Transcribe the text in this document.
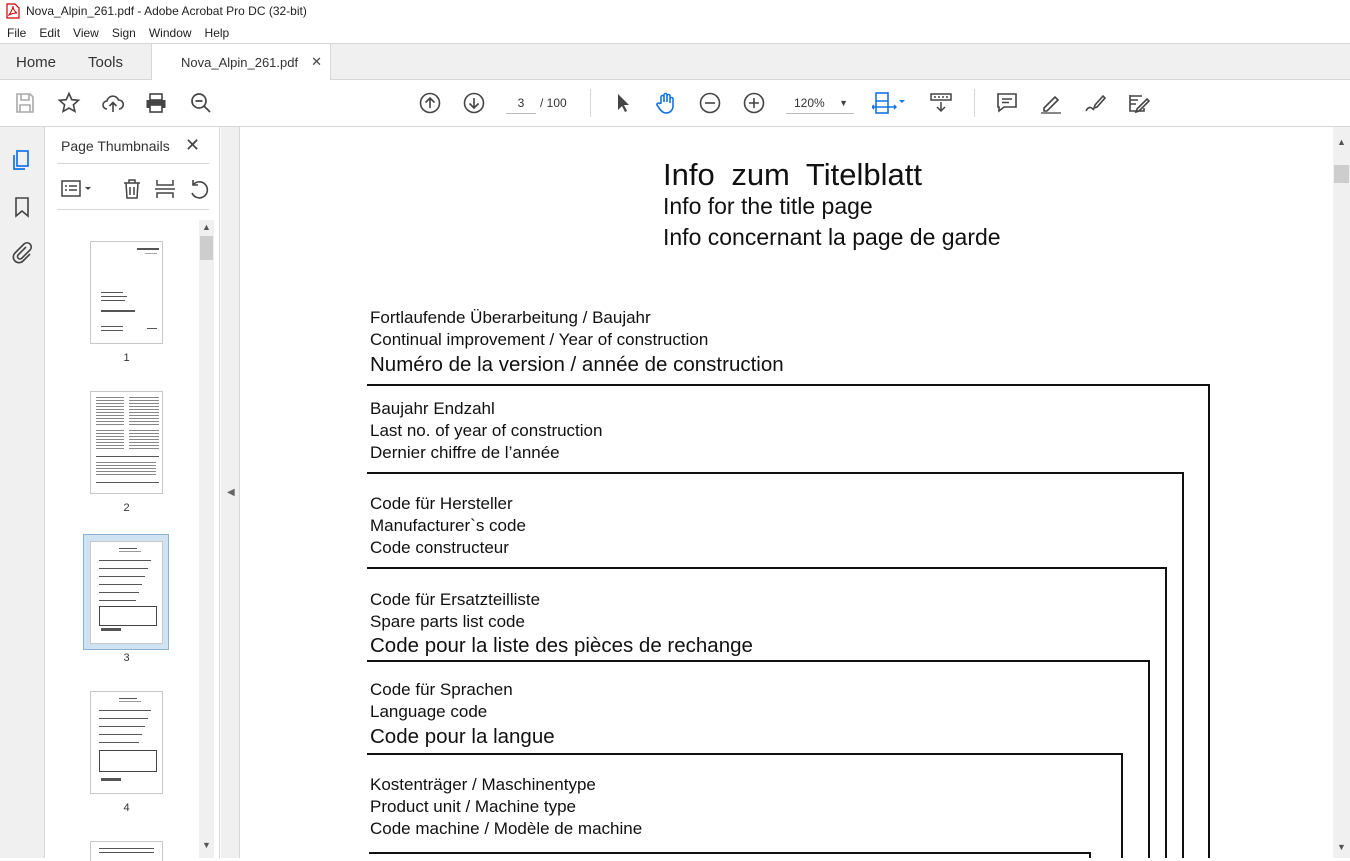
Nova_Alpin_261.pdf - Adobe Acrobat Pro DC (32-bit)
File	Edit	View	Sign	Window	Help
Home Tools	Nova_Alpin_261.pdf ✕
3	/ 100	120% ▼
Page Thumbnails ✕
1
2
3
4
▲
▼
◀
Info zum Titelblatt
Info for the title page
Info concernant la page de garde
Fortlaufende Überarbeitung / Baujahr
Continual improvement / Year of construction
Numéro de la version / année de construction
Baujahr Endzahl
Last no. of year of construction
Dernier chiffre de l’année
Code für Hersteller
Manufacturer`s code
Code constructeur
Code für Ersatzteilliste
Spare parts list code
Code pour la liste des pièces de rechange
Code für Sprachen
Language code
Code pour la langue
Kostenträger / Maschinentype
Product unit / Machine type
Code machine / Modèle de machine
▲
▼
